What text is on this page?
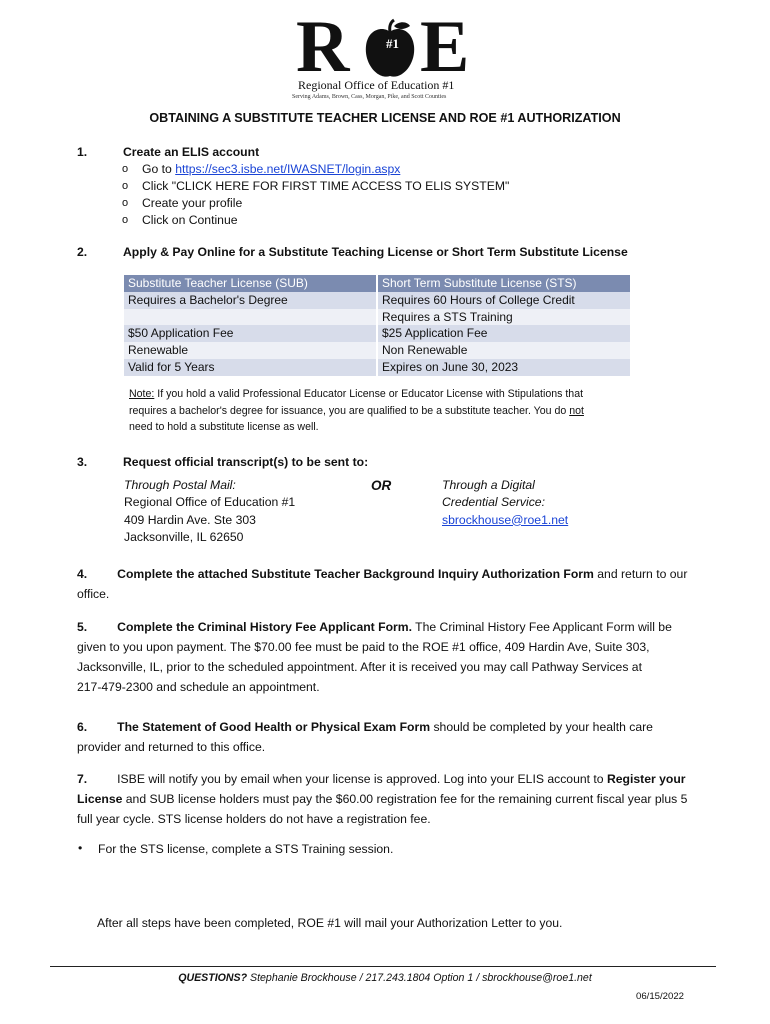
R	#1 E
Regional Office of Education #1
Serving Adams, Brown, Cass, Morgan, Pike, and Scott Counties
OBTAINING A SUBSTITUTE TEACHER LICENSE AND ROE #1 AUTHORIZATION
1.	Create an ELIS account
o Go to https://sec3.isbe.net/IWASNET/login.aspx
o Click "CLICK HERE FOR FIRST TIME ACCESS TO ELIS SYSTEM"
o Create your profile
o Click on Continue
2.	Apply & Pay Online for a Substitute Teaching License or Short Term Substitute License
Substitute Teacher License (SUB)	Short Term Substitute License (STS)
Requires a Bachelor's Degree	Requires 60 Hours of College Credit
	Requires a STS Training
$50 Application Fee	$25 Application Fee
Renewable	Non Renewable
Valid for 5 Years	Expires on June 30, 2023
Note: If you hold a valid Professional Educator License or Educator License with Stipulations that
requires a bachelor's degree for issuance, you are qualified to be a substitute teacher. You do not
need to hold a substitute license as well.
3.	Request official transcript(s) to be sent to:
Through Postal Mail:
Regional Office of Education #1
409 Hardin Ave. Ste 303
Jacksonville, IL 62650
OR	Through a Digital
Credential Service:
sbrockhouse@roe1.net
4. Complete the attached Substitute Teacher Background Inquiry Authorization Form and return to our
office.
5. Complete the Criminal History Fee Applicant Form. The Criminal History Fee Applicant Form will be
given to you upon payment. The $70.00 fee must be paid to the ROE #1 office, 409 Hardin Ave, Suite 303,
Jacksonville, IL, prior to the scheduled appointment. After it is received you may call Pathway Services at
217-479-2300 and schedule an appointment.
6. The Statement of Good Health or Physical Exam Form should be completed by your health care
provider and returned to this office.
7. ISBE will notify you by email when your license is approved. Log into your ELIS account to Register your
License and SUB license holders must pay the $60.00 registration fee for the remaining current fiscal year plus 5
full year cycle. STS license holders do not have a registration fee.
• For the STS license, complete a STS Training session.
After all steps have been completed, ROE #1 will mail your Authorization Letter to you.
QUESTIONS? Stephanie Brockhouse / 217.243.1804 Option 1 / sbrockhouse@roe1.net
06/15/2022
